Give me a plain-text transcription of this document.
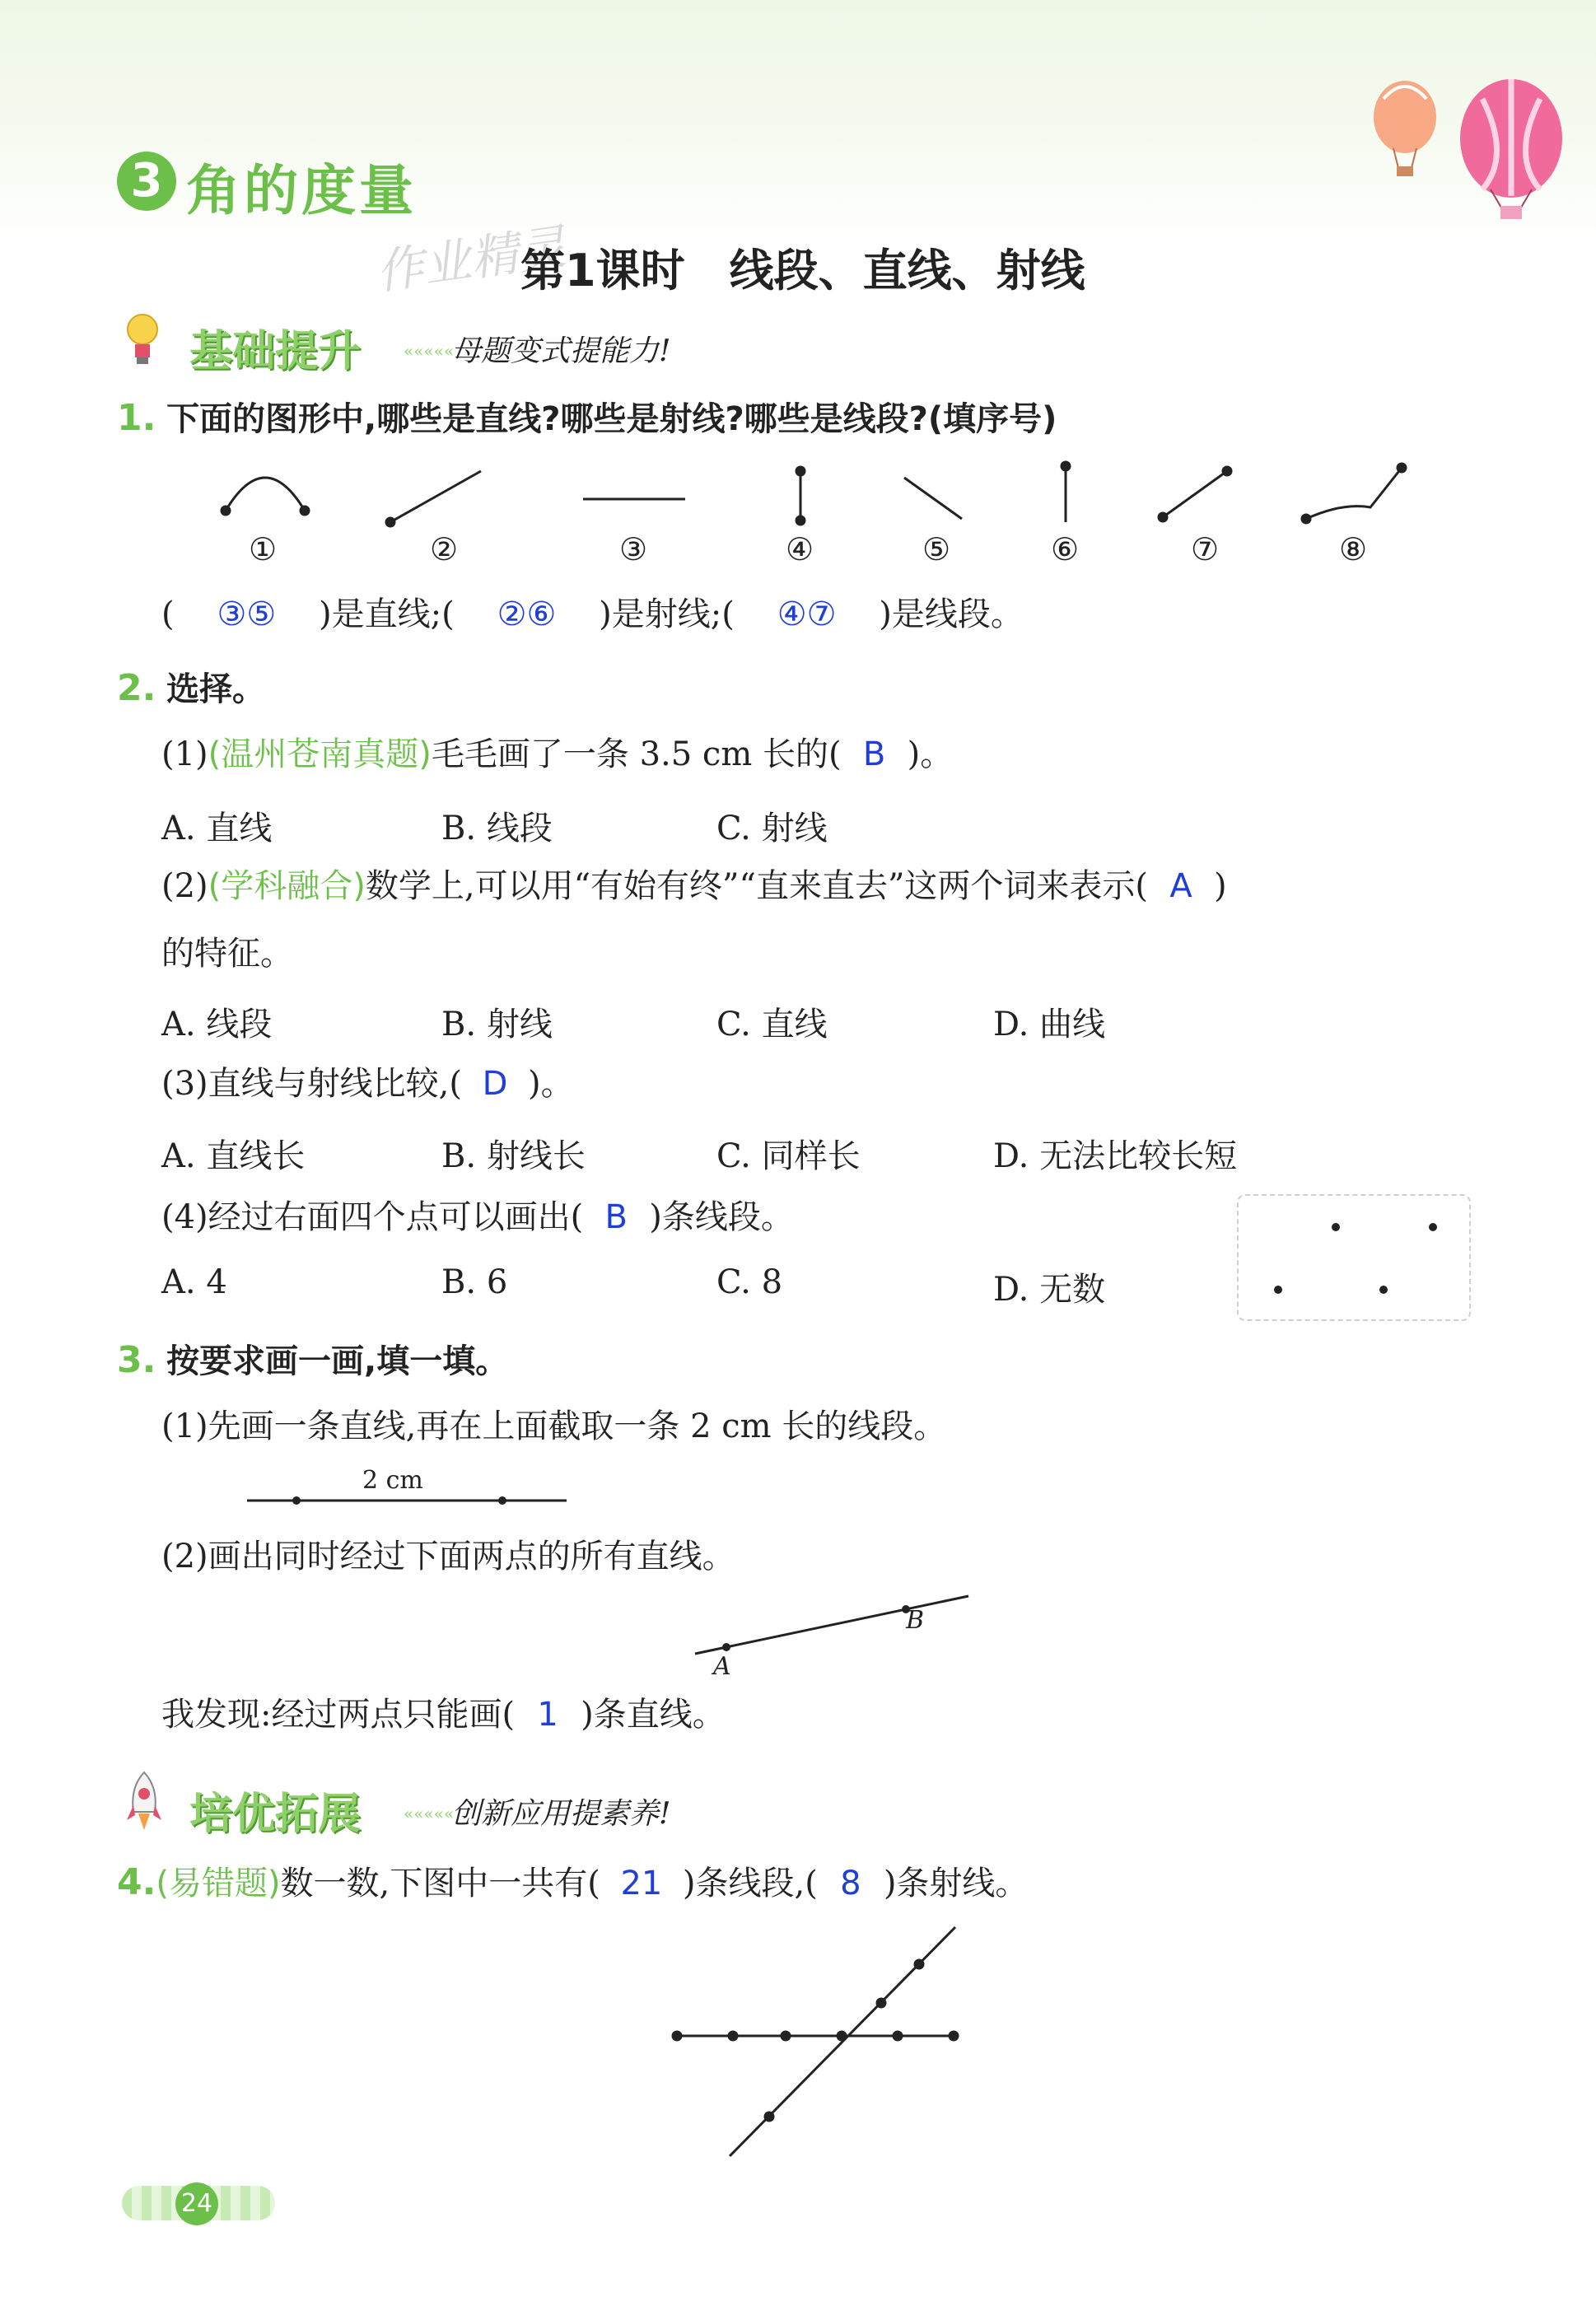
3 角的度量
作业精灵
第1课时　线段、直线、射线
基础提升	«««««
母题变式提能力!
1. 下面的图形中,哪些是直线?哪些是射线?哪些是线段?(填序号)
①	②	③	④	⑤	⑥	⑦	⑧
( ③⑤ )是直线;( ②⑥ )是射线;( ④⑦ )是线段。
2. 选择。
(1)(温州苍南真题)毛毛画了一条 3.5 cm 长的( B )。
A. 直线	B. 线段	C. 射线
(2)(学科融合)数学上,可以用“有始有终”“直来直去”这两个词来表示( A )
的特征。
A. 线段	B. 射线	C. 直线	D. 曲线
(3)直线与射线比较,( D )。
A. 直线长	B. 射线长	C. 同样长	D. 无法比较长短
(4)经过右面四个点可以画出( B )条线段。
A. 4	B. 6	C. 8	D. 无数
3. 按要求画一画,填一填。
(1)先画一条直线,再在上面截取一条 2 cm 长的线段。
2 cm
(2)画出同时经过下面两点的所有直线。
A
B
我发现:经过两点只能画( 1 )条直线。
培优拓展	«««««
创新应用提素养!
4.(易错题)数一数,下图中一共有( 21 )条线段,( 8 )条射线。
24
